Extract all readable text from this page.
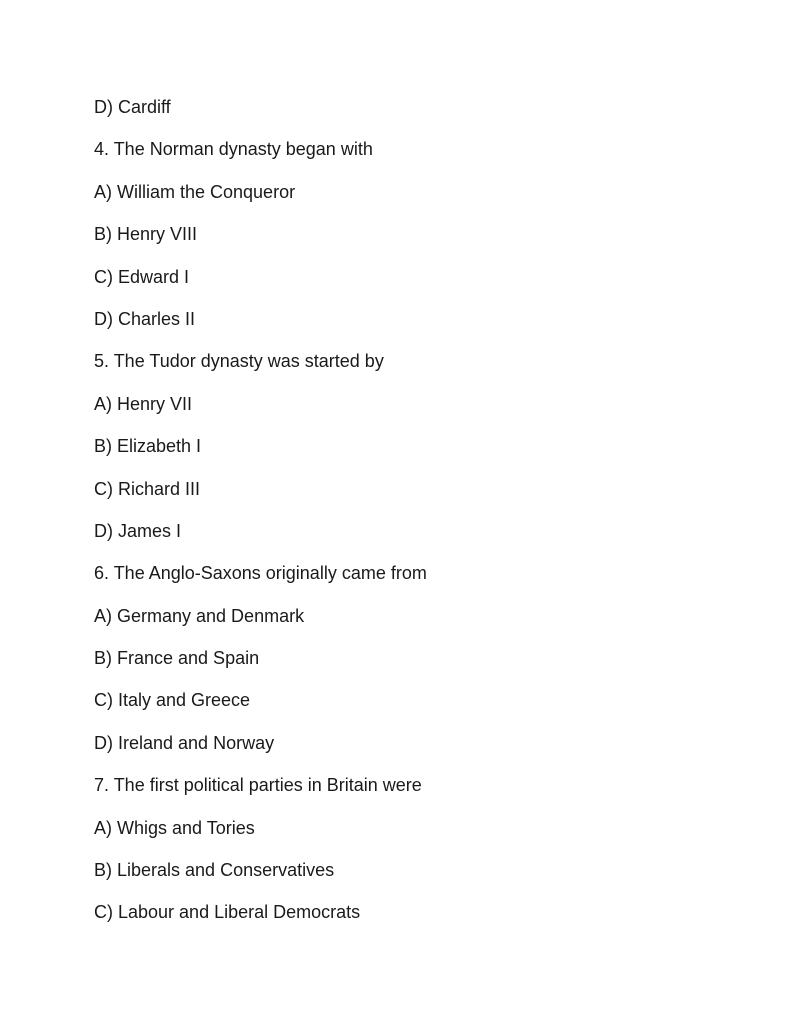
D) Cardiff
4. The Norman dynasty began with
A) William the Conqueror
B) Henry VIII
C) Edward I
D) Charles II
5. The Tudor dynasty was started by
A) Henry VII
B) Elizabeth I
C) Richard III
D) James I
6. The Anglo-Saxons originally came from
A) Germany and Denmark
B) France and Spain
C) Italy and Greece
D) Ireland and Norway
7. The first political parties in Britain were
A) Whigs and Tories
B) Liberals and Conservatives
C) Labour and Liberal Democrats
